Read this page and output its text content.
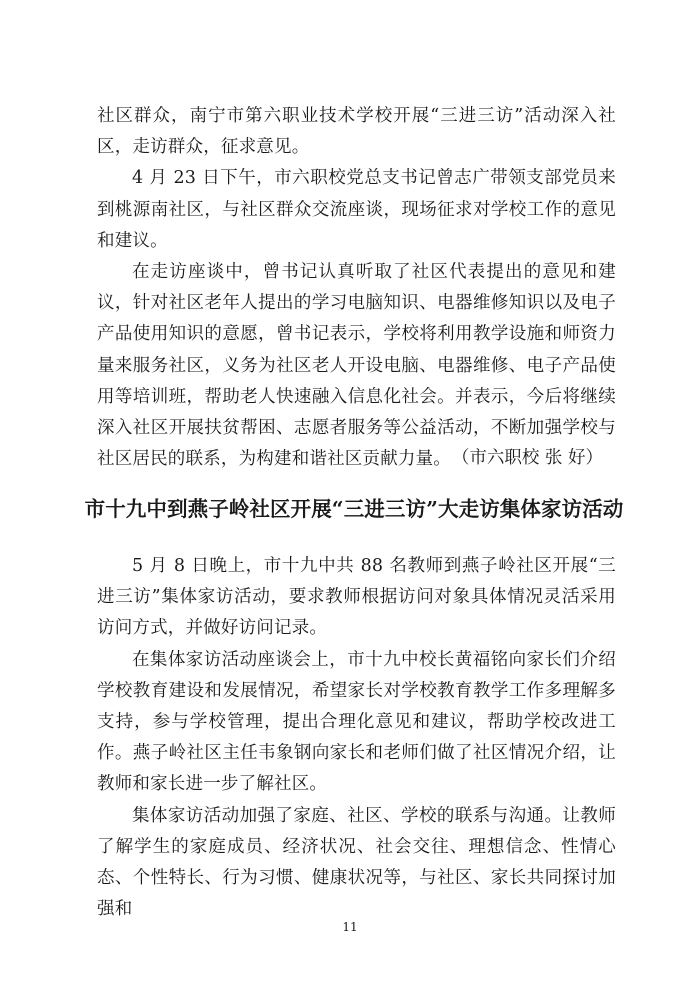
社区群众，南宁市第六职业技术学校开展“三进三访”活动深入社区，走访群众，征求意见。

4 月 23 日下午，市六职校党总支书记曾志广带领支部党员来到桃源南社区，与社区群众交流座谈，现场征求对学校工作的意见和建议。

在走访座谈中，曾书记认真听取了社区代表提出的意见和建议，针对社区老年人提出的学习电脑知识、电器维修知识以及电子产品使用知识的意愿，曾书记表示，学校将利用教学设施和师资力量来服务社区，义务为社区老人开设电脑、电器维修、电子产品使用等培训班，帮助老人快速融入信息化社会。并表示，今后将继续深入社区开展扶贫帮困、志愿者服务等公益活动，不断加强学校与社区居民的联系，为构建和谐社区贡献力量。 （市六职校 张 好）
市十九中到燕子岭社区开展“三进三访”大走访集体家访活动

5 月 8 日晚上，市十九中共 88 名教师到燕子岭社区开展“三进三访”集体家访活动，要求教师根据访问对象具体情况灵活采用访问方式，并做好访问记录。

在集体家访活动座谈会上，市十九中校长黄福铭向家长们介绍学校教育建设和发展情况，希望家长对学校教育教学工作多理解多支持，参与学校管理，提出合理化意见和建议，帮助学校改进工作。燕子岭社区主任韦象钢向家长和老师们做了社区情况介绍，让教师和家长进一步了解社区。

集体家访活动加强了家庭、社区、学校的联系与沟通。让教师了解学生的家庭成员、经济状况、社会交往、理想信念、性情心态、个性特长、行为习惯、健康状况等，与社区、家长共同探讨加强和

11
